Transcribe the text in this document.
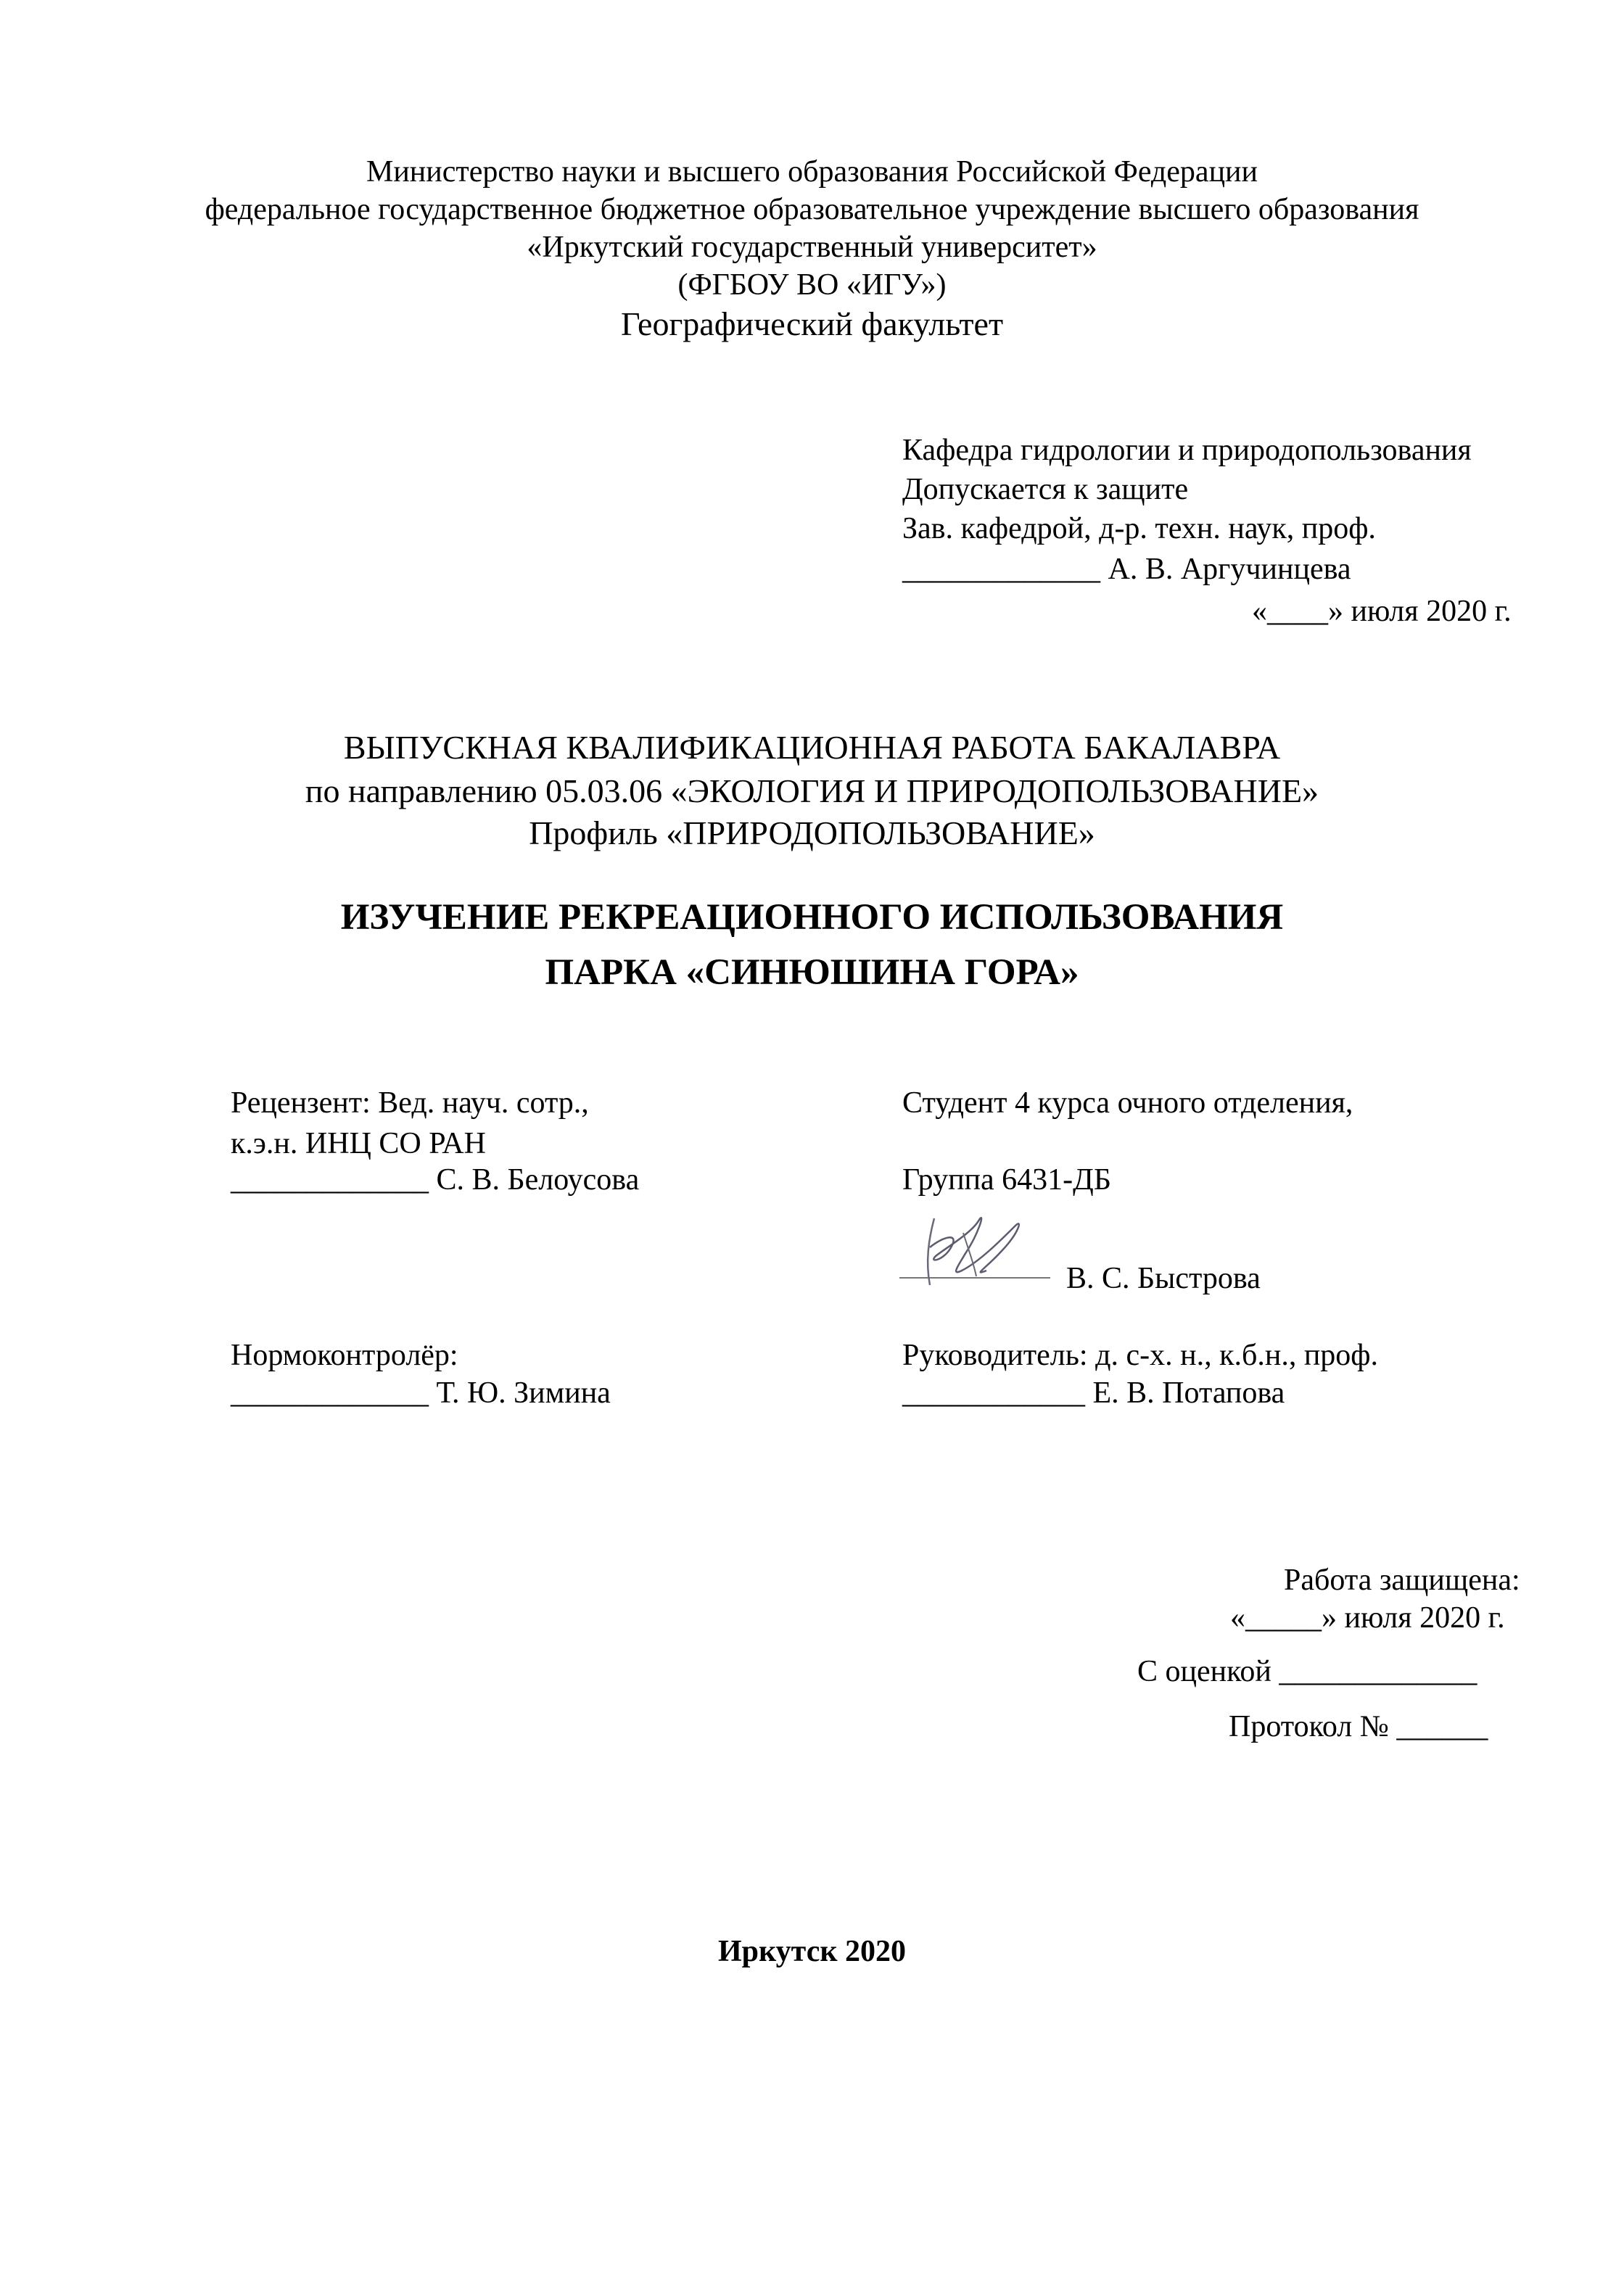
Министерство науки и высшего образования Российской Федерации
федеральное государственное бюджетное образовательное учреждение высшего образования
«Иркутский государственный университет»
(ФГБОУ ВО «ИГУ»)
Географический факультет
Кафедра гидрологии и природопользования
Допускается к защите
Зав. кафедрой, д-р. техн. наук, проф.
_____________ А. В. Аргучинцева
«____» июля 2020 г.
ВЫПУСКНАЯ КВАЛИФИКАЦИОННАЯ РАБОТА БАКАЛАВРА
по направлению 05.03.06 «ЭКОЛОГИЯ И ПРИРОДОПОЛЬЗОВАНИЕ»
Профиль «ПРИРОДОПОЛЬЗОВАНИЕ»
ИЗУЧЕНИЕ РЕКРЕАЦИОННОГО ИСПОЛЬЗОВАНИЯ
ПАРКА «СИНЮШИНА ГОРА»
Рецензент: Вед. науч. сотр.,
к.э.н. ИНЦ СО РАН
_____________ С. В. Белоусова
Студент 4 курса очного отделения,
Группа 6431-ДБ
В. С. Быстрова
Нормоконтролёр:
_____________ Т. Ю. Зимина
Руководитель: д. с-х. н., к.б.н., проф.
____________ Е. В. Потапова
Работа защищена:
«_____» июля 2020 г.
С оценкой _____________
Протокол № ______
Иркутск 2020
